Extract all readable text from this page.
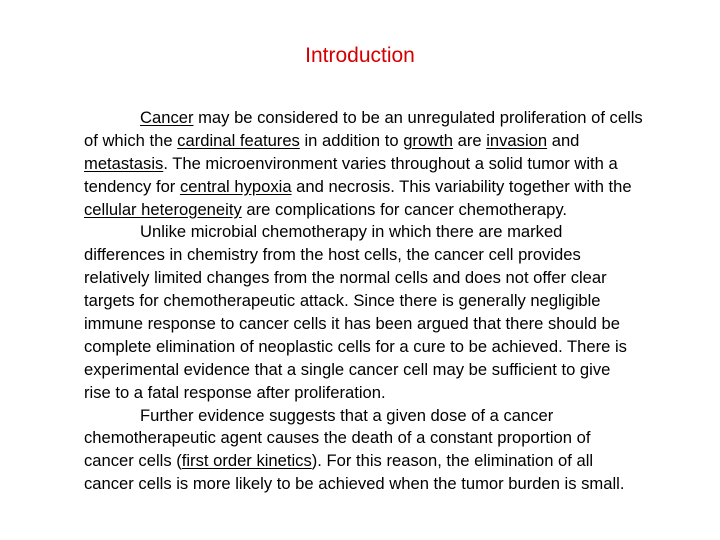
Introduction
Cancer may be considered to be an unregulated proliferation of cells
of which the cardinal features in addition to growth are invasion and
metastasis. The microenvironment varies throughout a solid tumor with a
tendency for central hypoxia and necrosis. This variability together with the
cellular heterogeneity are complications for cancer chemotherapy.
Unlike microbial chemotherapy in which there are marked
differences in chemistry from the host cells, the cancer cell provides
relatively limited changes from the normal cells and does not offer clear
targets for chemotherapeutic attack. Since there is generally negligible
immune response to cancer cells it has been argued that there should be
complete elimination of neoplastic cells for a cure to be achieved. There is
experimental evidence that a single cancer cell may be sufficient to give
rise to a fatal response after proliferation.
Further evidence suggests that a given dose of a cancer
chemotherapeutic agent causes the death of a constant proportion of
cancer cells (first order kinetics). For this reason, the elimination of all
cancer cells is more likely to be achieved when the tumor burden is small.
